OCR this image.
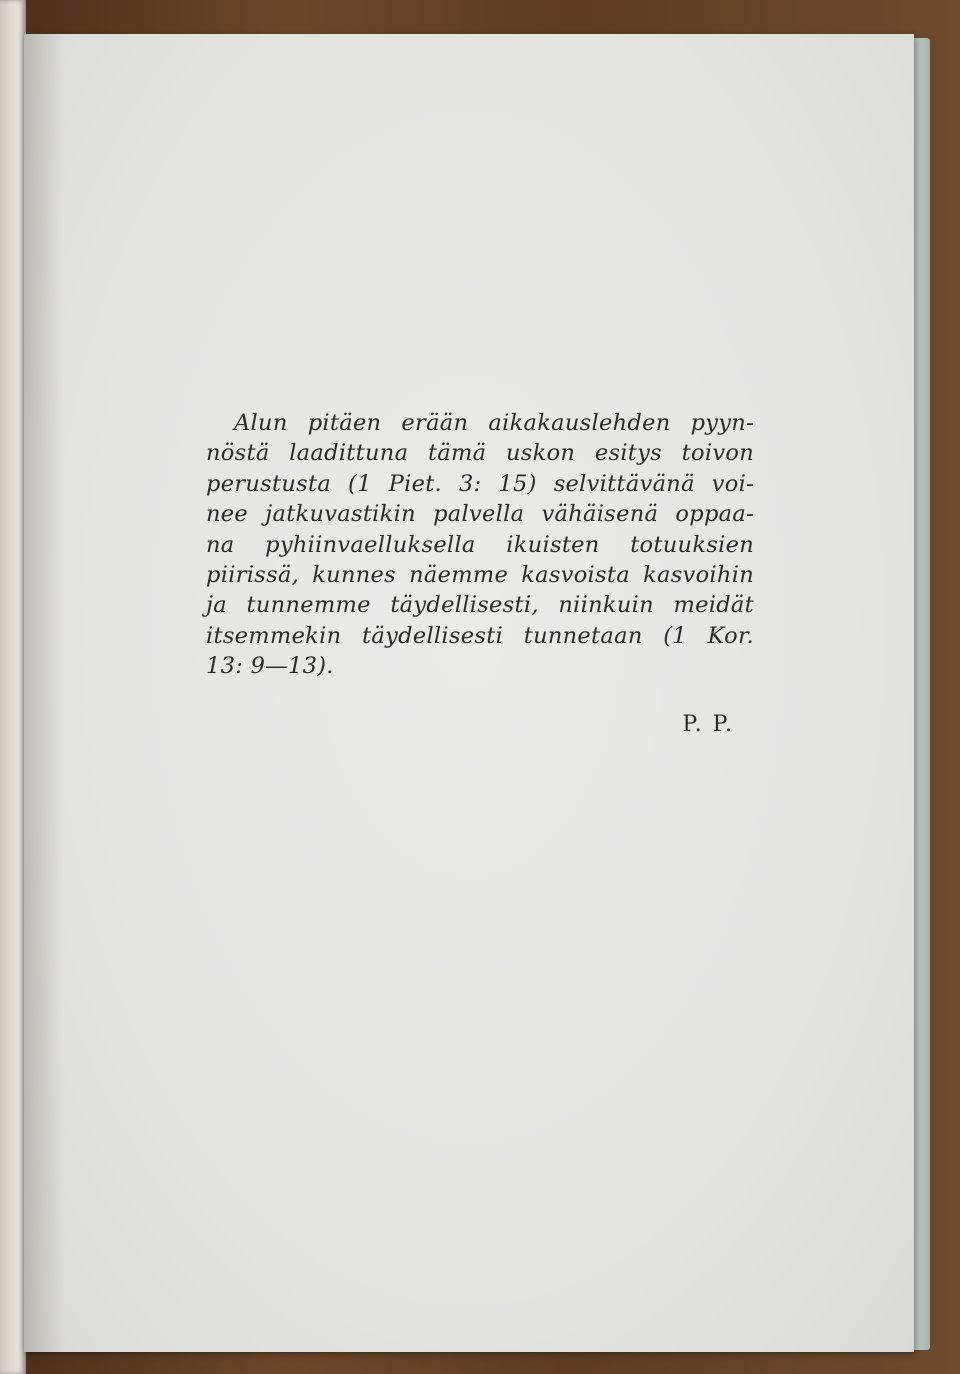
Alun pitäen erään aikakauslehden pyyn-
nöstä laadittuna tämä uskon esitys toivon
perustusta (1 Piet. 3: 15) selvittävänä voi-
nee jatkuvastikin palvella vähäisenä oppaa-
na pyhiinvaelluksella ikuisten totuuksien
piirissä, kunnes näemme kasvoista kasvoihin
ja tunnemme täydellisesti, niinkuin meidät
itsemmekin täydellisesti tunnetaan (1 Kor.
13: 9—13).
P. P.
